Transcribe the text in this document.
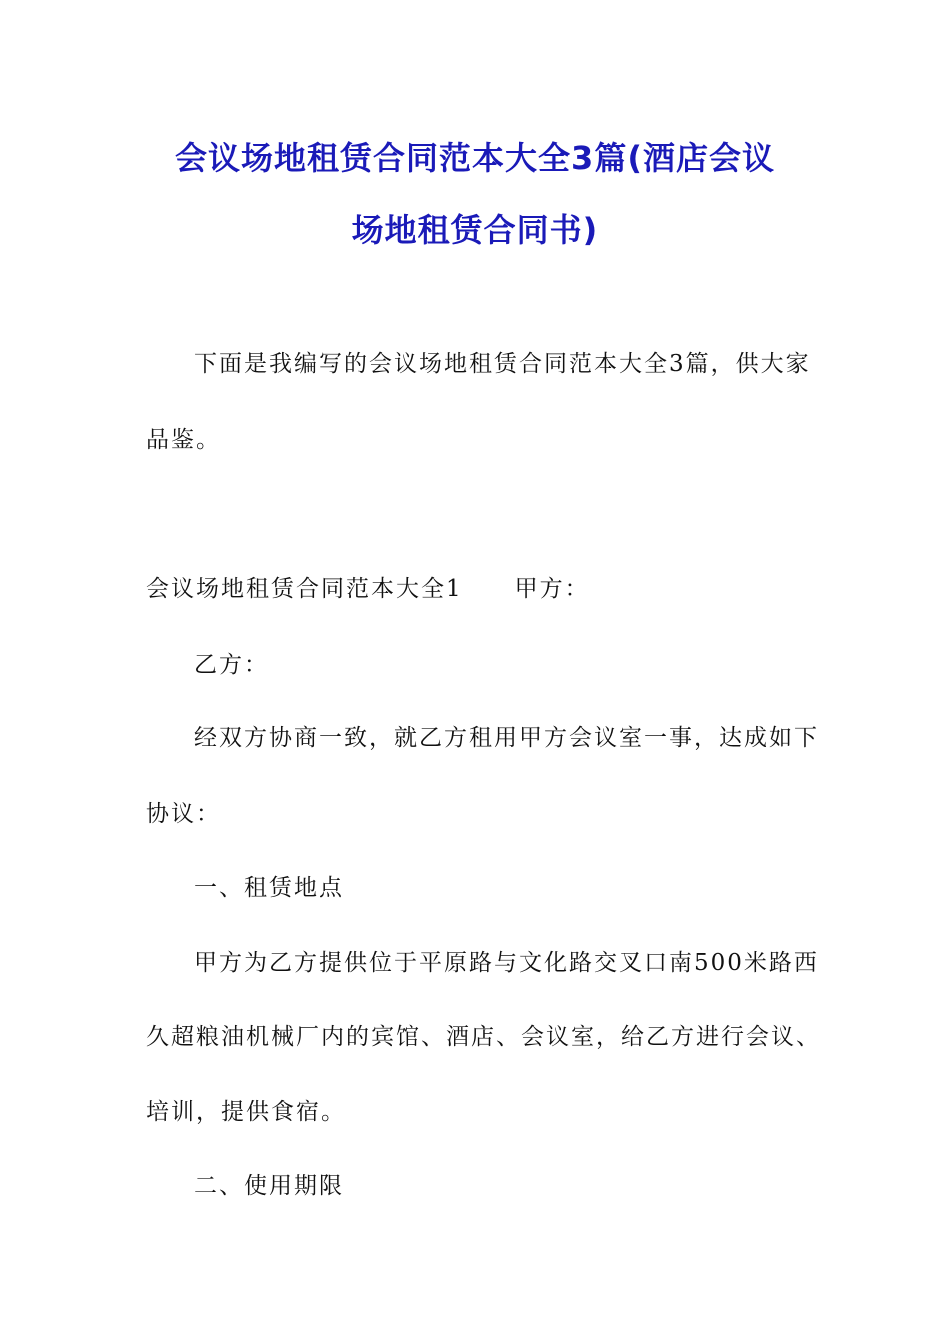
会议场地租赁合同范本大全3篇(酒店会议
场地租赁合同书)
下面是我编写的会议场地租赁合同范本大全3篇，供大家
品鉴。
会议场地租赁合同范本大全1 甲方：
乙方：
经双方协商一致，就乙方租用甲方会议室一事，达成如下
协议：
一、租赁地点
甲方为乙方提供位于平原路与文化路交叉口南500米路西
久超粮油机械厂内的宾馆、酒店、会议室，给乙方进行会议、
培训，提供食宿。
二、使用期限
